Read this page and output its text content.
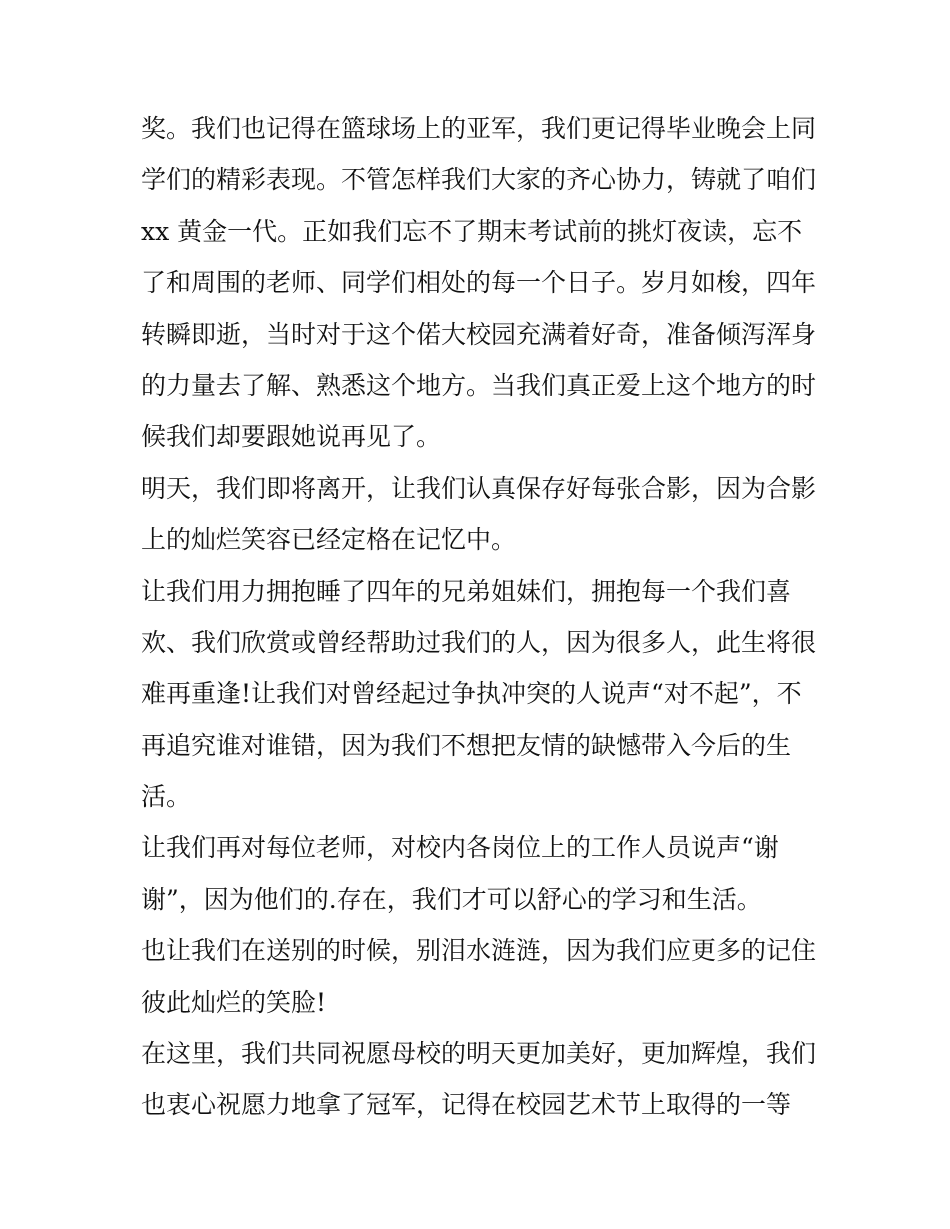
奖。我们也记得在篮球场上的亚军，我们更记得毕业晚会上同
学们的精彩表现。不管怎样我们大家的齐心协力，铸就了咱们
xx 黄金一代。正如我们忘不了期末考试前的挑灯夜读，忘不
了和周围的老师、同学们相处的每一个日子。岁月如梭，四年
转瞬即逝，当时对于这个偌大校园充满着好奇，准备倾泻浑身
的力量去了解、熟悉这个地方。当我们真正爱上这个地方的时
候我们却要跟她说再见了。
明天，我们即将离开，让我们认真保存好每张合影，因为合影
上的灿烂笑容已经定格在记忆中。
让我们用力拥抱睡了四年的兄弟姐妹们，拥抱每一个我们喜
欢、我们欣赏或曾经帮助过我们的人，因为很多人，此生将很
难再重逢!让我们对曾经起过争执冲突的人说声“对不起”，不
再追究谁对谁错，因为我们不想把友情的缺憾带入今后的生
活。
让我们再对每位老师，对校内各岗位上的工作人员说声“谢
谢”，因为他们的.存在，我们才可以舒心的学习和生活。
也让我们在送别的时候，别泪水涟涟，因为我们应更多的记住
彼此灿烂的笑脸!
在这里，我们共同祝愿母校的明天更加美好，更加辉煌，我们
也衷心祝愿力地拿了冠军，记得在校园艺术节上取得的一等
